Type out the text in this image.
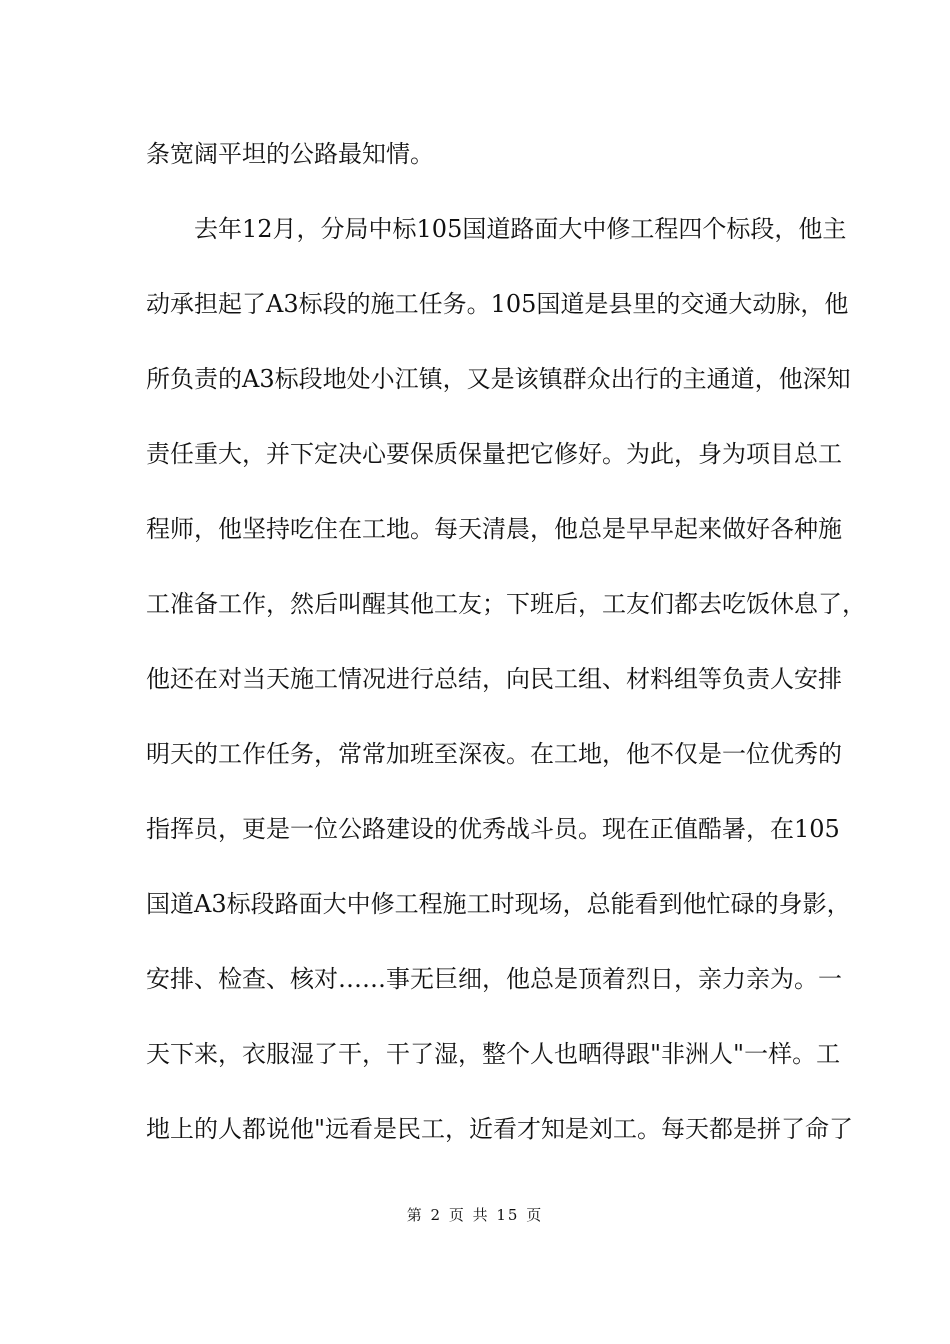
条宽阔平坦的公路最知情。
去年12月，分局中标105国道路面大中修工程四个标段，他主
动承担起了A3标段的施工任务。105国道是县里的交通大动脉，他
所负责的A3标段地处小江镇，又是该镇群众出行的主通道，他深知
责任重大，并下定决心要保质保量把它修好。为此，身为项目总工
程师，他坚持吃住在工地。每天清晨，他总是早早起来做好各种施
工准备工作，然后叫醒其他工友；下班后，工友们都去吃饭休息了，
他还在对当天施工情况进行总结，向民工组、材料组等负责人安排
明天的工作任务，常常加班至深夜。在工地，他不仅是一位优秀的
指挥员，更是一位公路建设的优秀战斗员。现在正值酷暑，在105
国道A3标段路面大中修工程施工时现场，总能看到他忙碌的身影，
安排、检查、核对……事无巨细，他总是顶着烈日，亲力亲为。一
天下来，衣服湿了干，干了湿，整个人也晒得跟"非洲人"一样。工
地上的人都说他"远看是民工，近看才知是刘工。每天都是拼了命了
第 2 页 共 15 页
